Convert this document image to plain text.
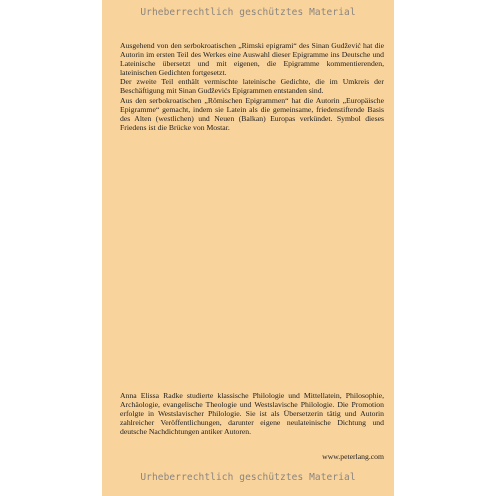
Urheberrechtlich geschütztes Material

Ausgehend von den serbokroatischen „Rimski epigrami“ des Sinan Gudžević hat die Autorin im ersten Teil des Werkes eine Auswahl dieser Epigramme ins Deutsche und Lateinische übersetzt und mit eigenen, die Epigramme kommentierenden, lateinischen Gedichten fortgesetzt.

Der zweite Teil enthält vermischte lateinische Gedichte, die im Umkreis der Beschäftigung mit Sinan Gudževićs Epigrammen entstanden sind.

Aus den serbokroatischen „Römischen Epigrammen“ hat die Autorin „Europäische Epigramme“ gemacht, indem sie Latein als die gemeinsame, friedenstiftende Basis des Alten (westlichen) und Neuen (Balkan) Europas verkündet. Symbol dieses Friedens ist die Brücke von Mostar.

Anna Elissa Radke studierte klassische Philologie und Mittellatein, Philosophie, Archäologie, evangelische Theologie und Westslavische Philologie. Die Promotion erfolgte in Westslavischer Philologie. Sie ist als Übersetzerin tätig und Autorin zahlreicher Veröffentlichungen, darunter eigene neulateinische Dichtung und deutsche Nachdichtungen antiker Autoren.

www.peterlang.com
Urheberrechtlich geschütztes Material
